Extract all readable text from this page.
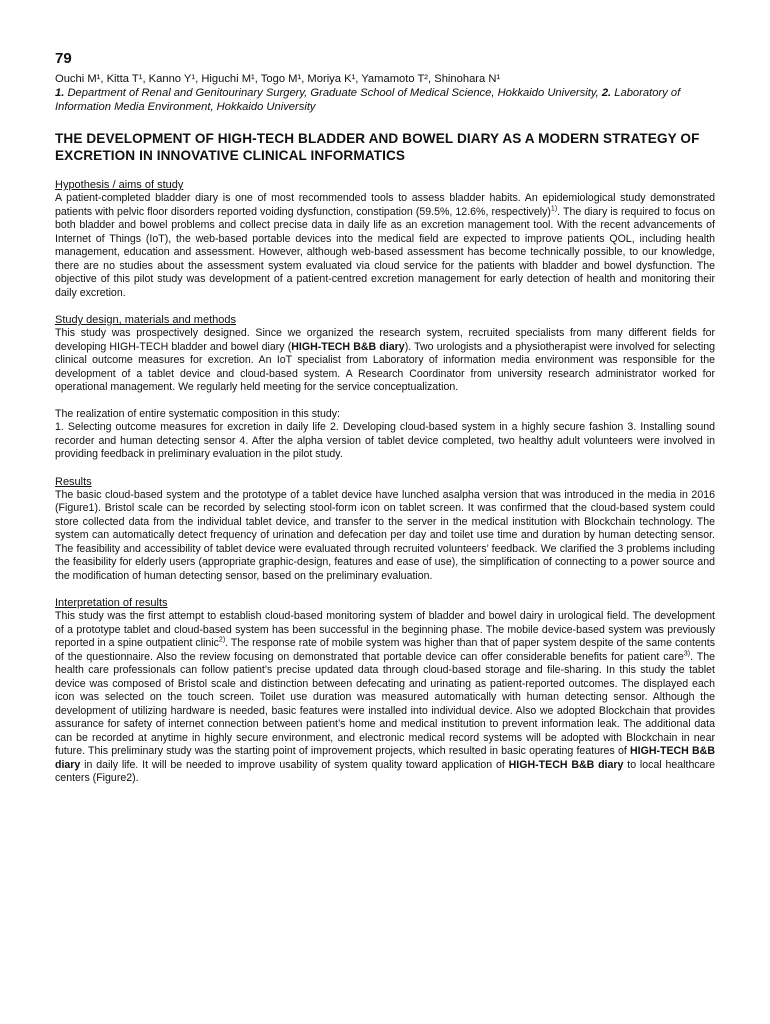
79

Ouchi M¹, Kitta T¹, Kanno Y¹, Higuchi M¹, Togo M¹, Moriya K¹, Yamamoto T², Shinohara N¹

1. Department of Renal and Genitourinary Surgery, Graduate School of Medical Science, Hokkaido University, 2. Laboratory of Information Media Environment, Hokkaido University

THE DEVELOPMENT OF HIGH-TECH BLADDER AND BOWEL DIARY AS A MODERN STRATEGY OF EXCRETION IN INNOVATIVE CLINICAL INFORMATICS

Hypothesis / aims of study

A patient-completed bladder diary is one of most recommended tools to assess bladder habits. An epidemiological study demonstrated patients with pelvic floor disorders reported voiding dysfunction, constipation (59.5%, 12.6%, respectively)$^{1)}$. The diary is required to focus on both bladder and bowel problems and collect precise data in daily life as an excretion management tool. With the recent advancements of Internet of Things (IoT), the web-based portable devices into the medical field are expected to improve patients QOL, including health management, education and assessment. However, although web-based assessment has become technically possible, to our knowledge, there are no studies about the assessment system evaluated via cloud service for the patients with bladder and bowel dysfunction. The objective of this pilot study was development of a patient-centred excretion management for early detection of health and monitoring their daily excretion.

Study design, materials and methods

This study was prospectively designed. Since we organized the research system, recruited specialists from many different fields for developing HIGH-TECH bladder and bowel diary (HIGH-TECH B&B diary). Two urologists and a physiotherapist were involved for selecting clinical outcome measures for excretion. An IoT specialist from Laboratory of information media environment was responsible for the development of a tablet device and cloud-based system. A Research Coordinator from university research administrator worked for operational management. We regularly held meeting for the service conceptualization.

The realization of entire systematic composition in this study:

1. Selecting outcome measures for excretion in daily life 2. Developing cloud-based system in a highly secure fashion 3. Installing sound recorder and human detecting sensor 4. After the alpha version of tablet device completed, two healthy adult volunteers were involved in providing feedback in preliminary evaluation in the pilot study.

Results

The basic cloud-based system and the prototype of a tablet device have lunched asalpha version that was introduced in the media in 2016 (Figure1). Bristol scale can be recorded by selecting stool-form icon on tablet screen. It was confirmed that the cloud-based system could store collected data from the individual tablet device, and transfer to the server in the medical institution with Blockchain technology. The system can automatically detect frequency of urination and defecation per day and toilet use time and duration by human detecting sensor. The feasibility and accessibility of tablet device were evaluated through recruited volunteers’ feedback. We clarified the 3 problems including the feasibility for elderly users (appropriate graphic-design, features and ease of use), the simplification of connecting to a power source and the modification of human detecting sensor, based on the preliminary evaluation.

Interpretation of results

This study was the first attempt to establish cloud-based monitoring system of bladder and bowel dairy in urological field. The development of a prototype tablet and cloud-based system has been successful in the beginning phase. The mobile device-based system was previously reported in a spine outpatient clinic$^{2)}$. The response rate of mobile system was higher than that of paper system despite of the same contents of the questionnaire. Also the review focusing on demonstrated that portable device can offer considerable benefits for patient care$^{3)}$. The health care professionals can follow patient’s precise updated data through cloud-based storage and file-sharing. In this study the tablet device was composed of Bristol scale and distinction between defecating and urinating as patient-reported outcomes. The displayed each icon was selected on the touch screen. Toilet use duration was measured automatically with human detecting sensor. Although the development of utilizing hardware is needed, basic features were installed into individual device. Also we adopted Blockchain that provides assurance for safety of internet connection between patient’s home and medical institution to prevent information leak. The additional data can be recorded at anytime in highly secure environment, and electronic medical record systems will be adopted with Blockchain in near future. This preliminary study was the starting point of improvement projects, which resulted in basic operating features of HIGH-TECH B&B diary in daily life. It will be needed to improve usability of system quality toward application of HIGH-TECH B&B diary to local healthcare centers (Figure2).
